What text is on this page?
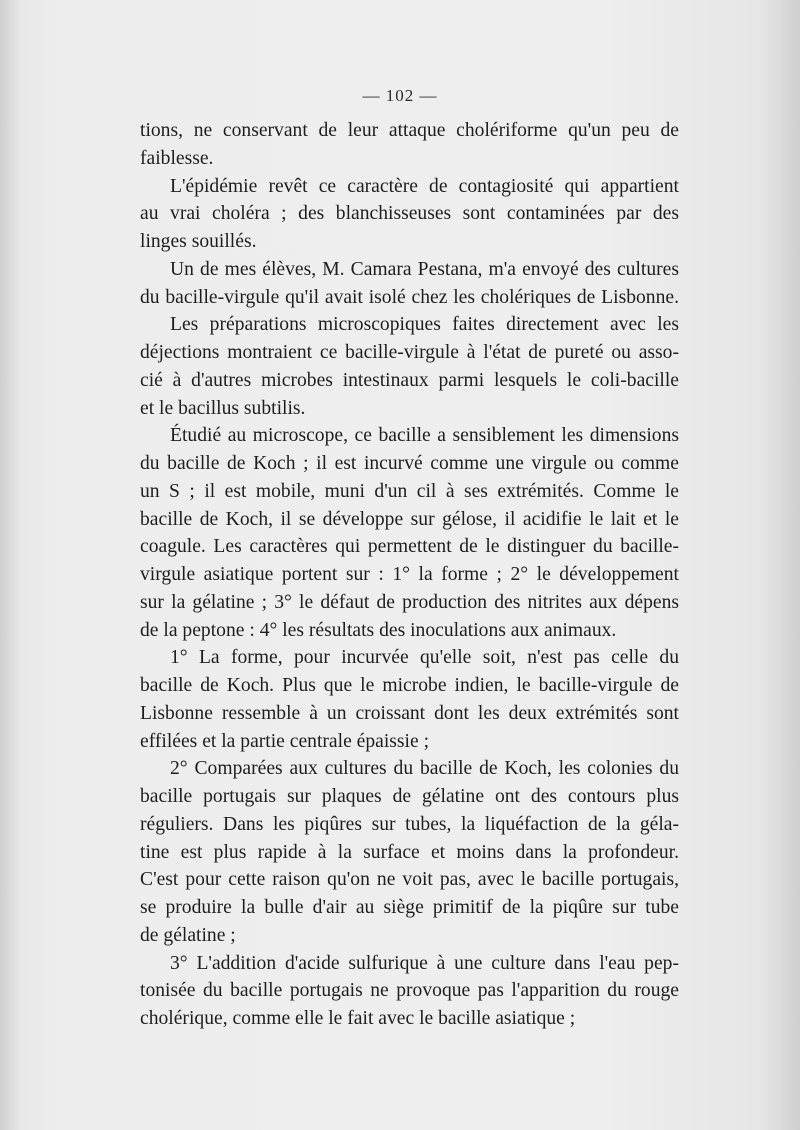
— 102 —
tions, ne conservant de leur attaque cholériforme qu'un peu de
faiblesse.
L'épidémie revêt ce caractère de contagiosité qui appartient
au vrai choléra ; des blanchisseuses sont contaminées par des
linges souillés.
Un de mes élèves, M. Camara Pestana, m'a envoyé des cultures
du bacille-virgule qu'il avait isolé chez les cholériques de Lisbonne.
Les préparations microscopiques faites directement avec les
déjections montraient ce bacille-virgule à l'état de pureté ou asso-
cié à d'autres microbes intestinaux parmi lesquels le coli-bacille
et le bacillus subtilis.
Étudié au microscope, ce bacille a sensiblement les dimensions
du bacille de Koch ; il est incurvé comme une virgule ou comme
un S ; il est mobile, muni d'un cil à ses extrémités. Comme le
bacille de Koch, il se développe sur gélose, il acidifie le lait et le
coagule. Les caractères qui permettent de le distinguer du bacille-
virgule asiatique portent sur : 1° la forme ; 2° le développement
sur la gélatine ; 3° le défaut de production des nitrites aux dépens
de la peptone : 4° les résultats des inoculations aux animaux.
1° La forme, pour incurvée qu'elle soit, n'est pas celle du
bacille de Koch. Plus que le microbe indien, le bacille-virgule de
Lisbonne ressemble à un croissant dont les deux extrémités sont
effilées et la partie centrale épaissie ;
2° Comparées aux cultures du bacille de Koch, les colonies du
bacille portugais sur plaques de gélatine ont des contours plus
réguliers. Dans les piqûres sur tubes, la liquéfaction de la géla-
tine est plus rapide à la surface et moins dans la profondeur.
C'est pour cette raison qu'on ne voit pas, avec le bacille portugais,
se produire la bulle d'air au siège primitif de la piqûre sur tube
de gélatine ;
3° L'addition d'acide sulfurique à une culture dans l'eau pep-
tonisée du bacille portugais ne provoque pas l'apparition du rouge
cholérique, comme elle le fait avec le bacille asiatique ;
